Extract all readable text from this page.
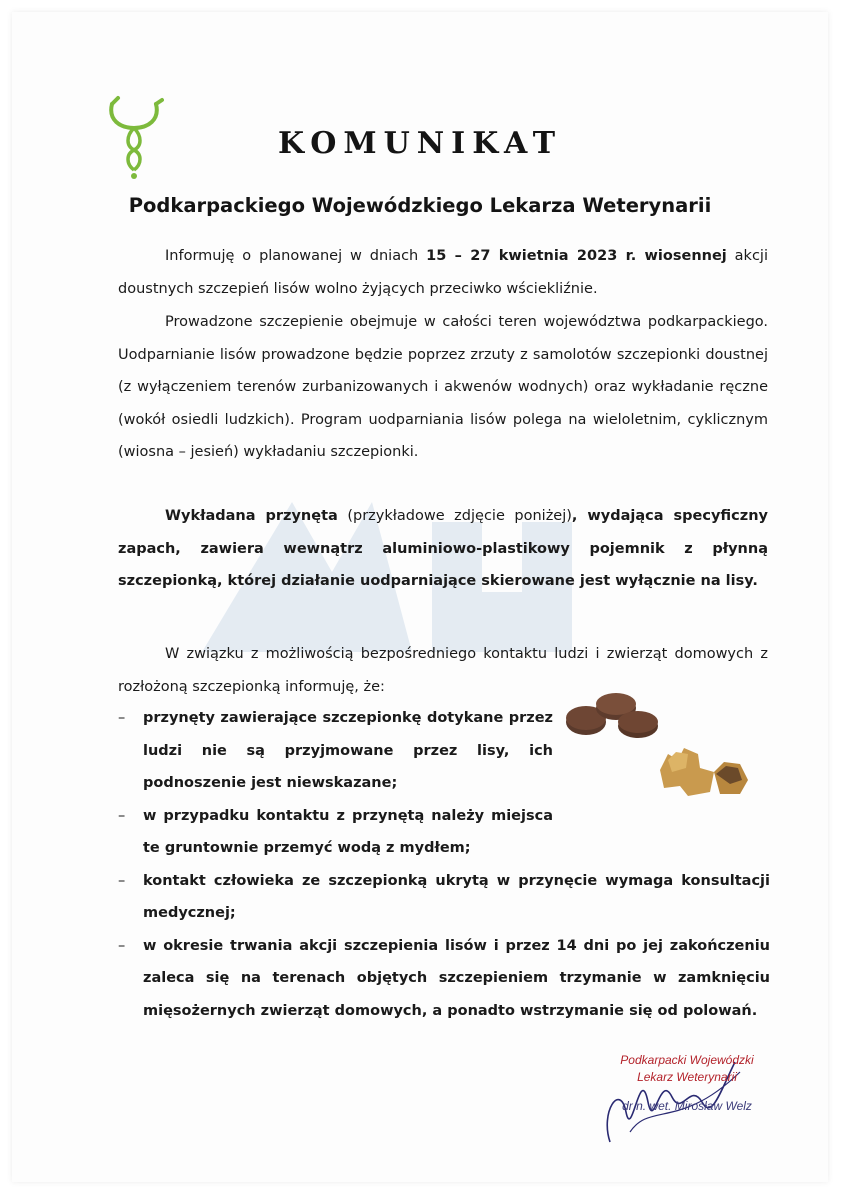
KOMUNIKAT
Podkarpackiego Wojewódzkiego Lekarza Weterynarii

Informuję o planowanej w dniach 15 – 27 kwietnia 2023 r. wiosennej akcji doustnych szczepień lisów wolno żyjących przeciwko wściekliźnie.

Prowadzone szczepienie obejmuje w całości teren województwa podkarpackiego. Uodparnianie lisów prowadzone będzie poprzez zrzuty z samolotów szczepionki doustnej (z wyłączeniem terenów zurbanizowanych i akwenów wodnych) oraz wykładanie ręczne (wokół osiedli ludzkich). Program uodparniania lisów polega na wieloletnim, cyklicznym (wiosna – jesień) wykładaniu szczepionki.

Wykładana przynęta (przykładowe zdjęcie poniżej), wydająca specyficzny zapach, zawiera wewnątrz aluminiowo-plastikowy pojemnik z płynną szczepionką, której działanie uodparniające skierowane jest wyłącznie na lisy.

W związku z możliwością bezpośredniego kontaktu ludzi i zwierząt domowych z rozłożoną szczepionką informuję, że:

– przynęty zawierające szczepionkę dotykane przez ludzi nie są przyjmowane przez lisy, ich podnoszenie jest niewskazane;
– w przypadku kontaktu z przynętą należy miejsca te gruntownie przemyć wodą z mydłem;
– kontakt człowieka ze szczepionką ukrytą w przynęcie wymaga konsultacji medycznej;
– w okresie trwania akcji szczepienia lisów i przez 14 dni po jej zakończeniu zaleca się na terenach objętych szczepieniem trzymanie w zamknięciu mięsożernych zwierząt domowych, a ponadto wstrzymanie się od polowań.
Podkarpacki Wojewódzki
Lekarz Weterynarii
dr n. wet. Mirosław Welz
